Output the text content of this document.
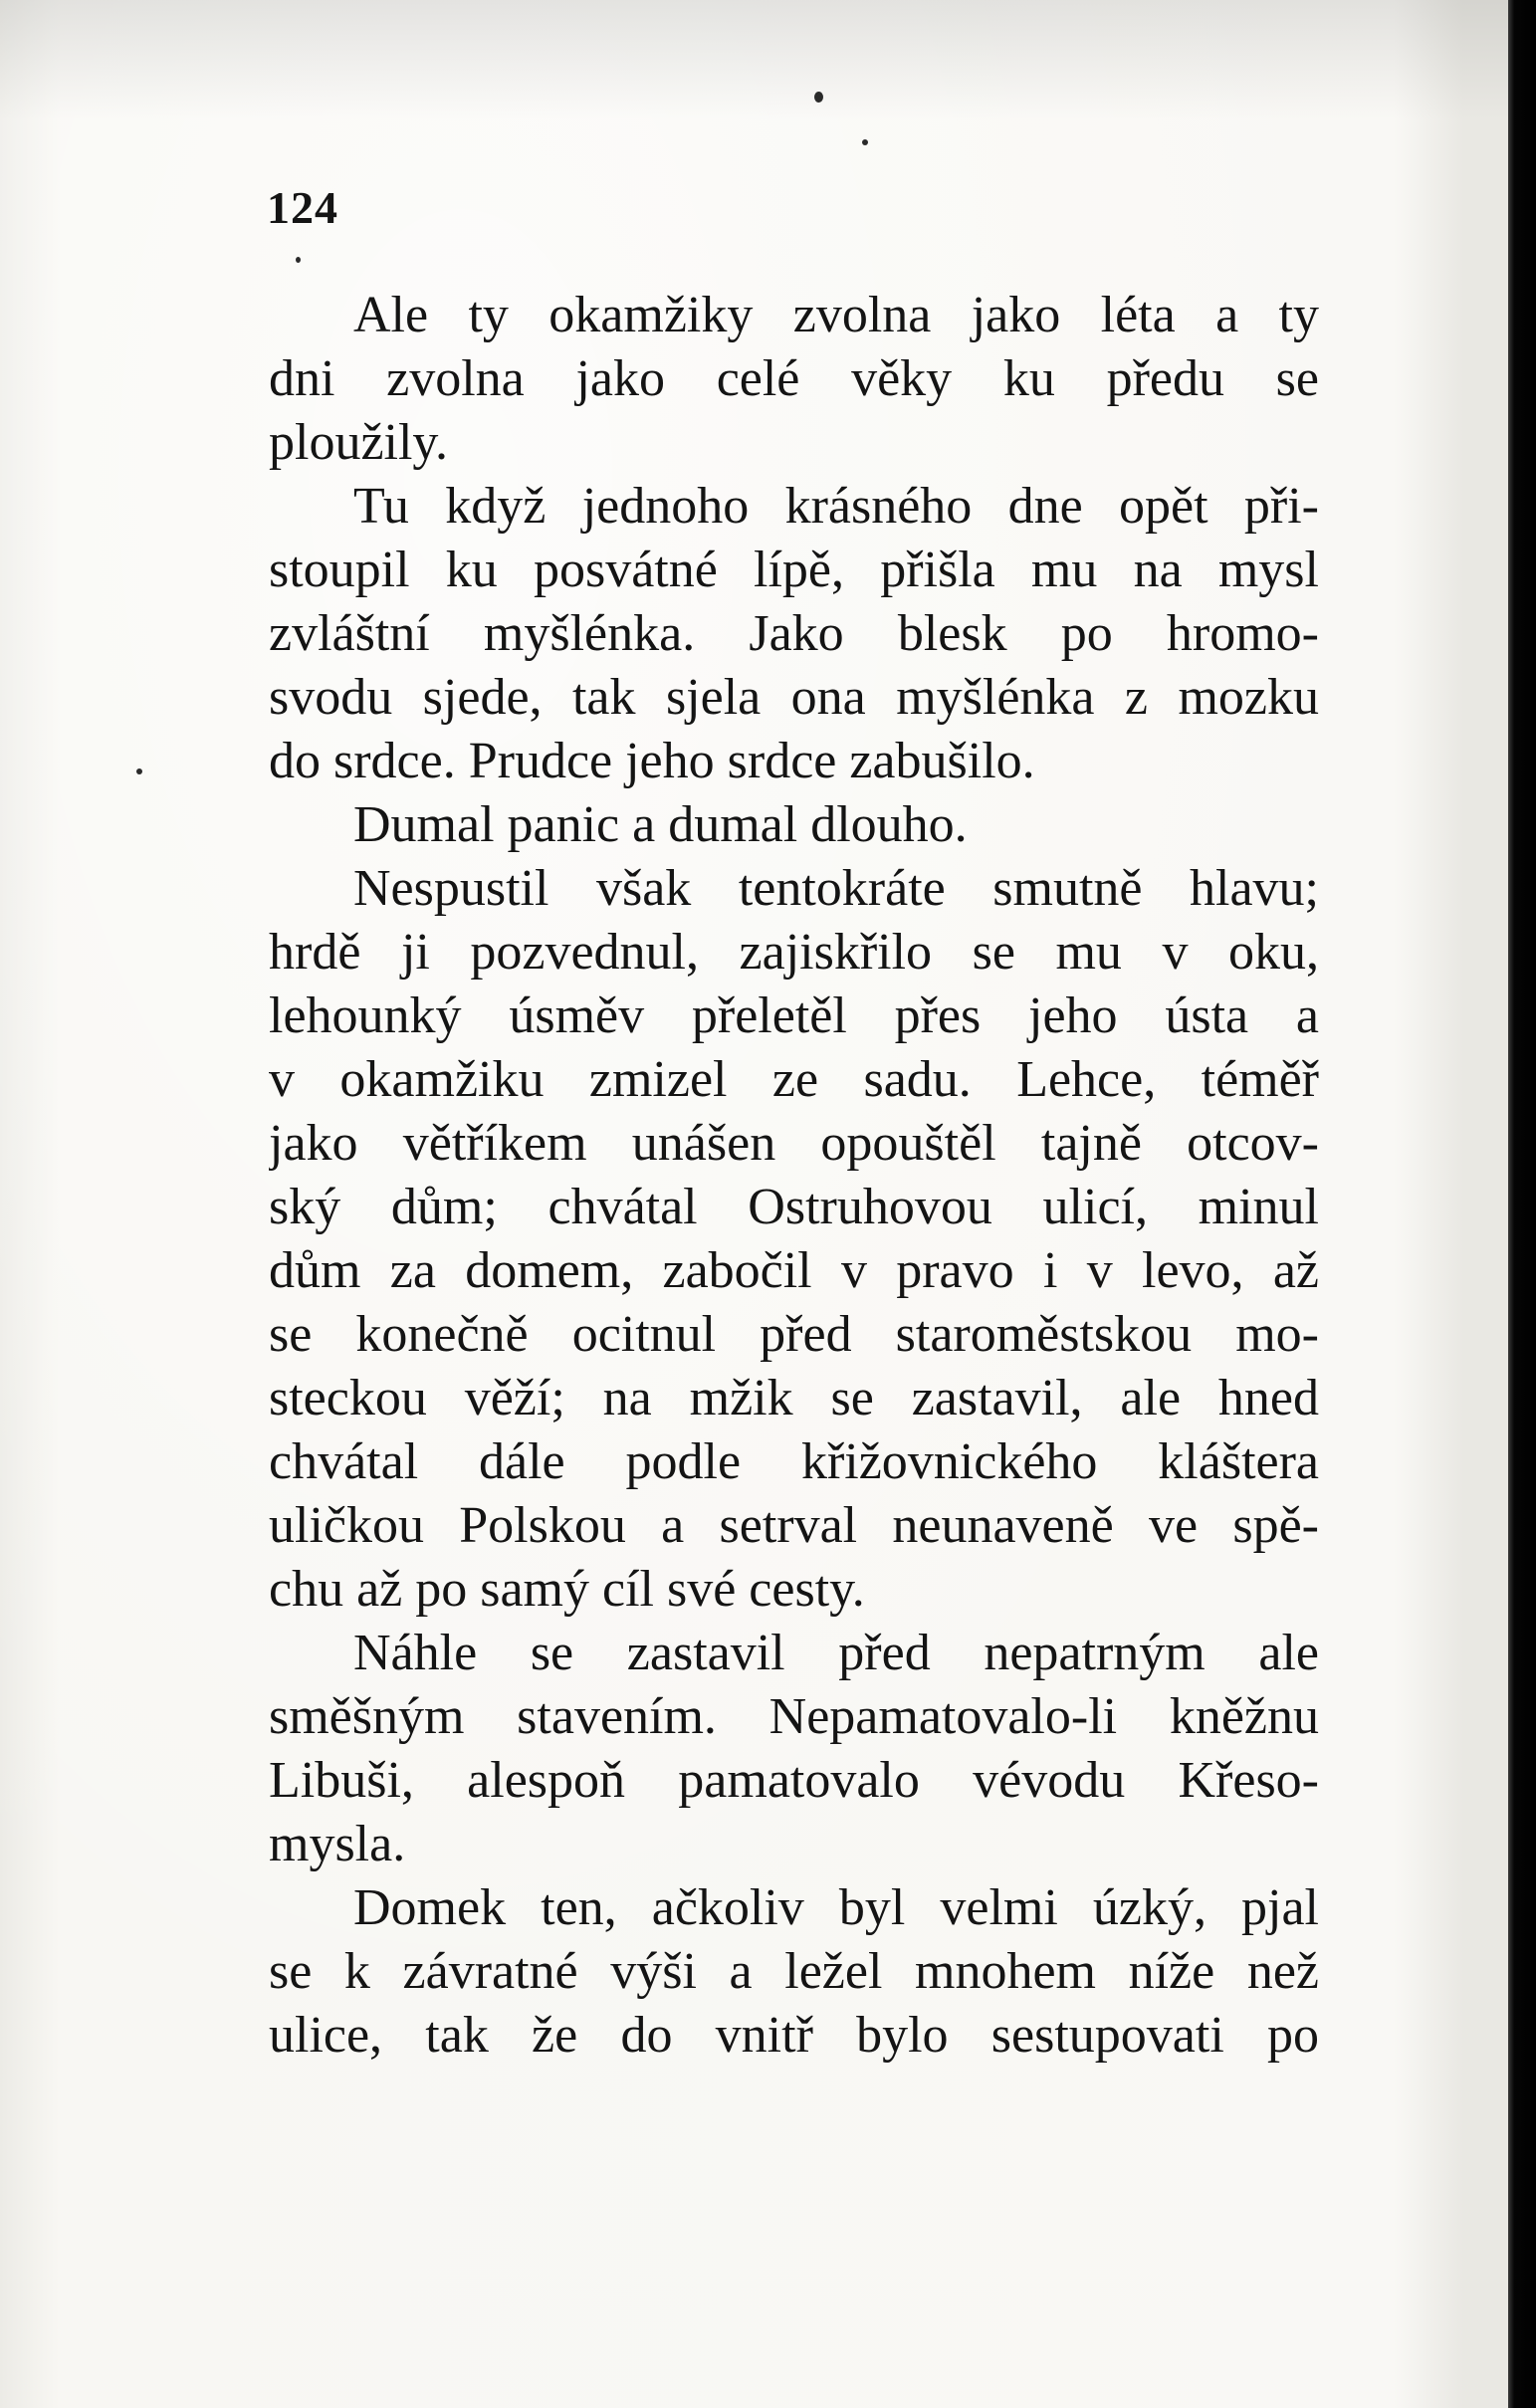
124
Ale ty okamžiky zvolna jako léta a ty
dni zvolna jako celé věky ku předu se
ploužily.
Tu když jednoho krásného dne opět při-
stoupil ku posvátné lípě, přišla mu na mysl
zvláštní myšlénka. Jako blesk po hromo-
svodu sjede, tak sjela ona myšlénka z mozku
do srdce. Prudce jeho srdce zabušilo.
Dumal panic a dumal dlouho.
Nespustil však tentokráte smutně hlavu;
hrdě ji pozvednul, zajiskřilo se mu v oku,
lehounký úsměv přeletěl přes jeho ústa a
v okamžiku zmizel ze sadu. Lehce, téměř
jako větříkem unášen opouštěl tajně otcov-
ský dům; chvátal Ostruhovou ulicí, minul
dům za domem, zabočil v pravo i v levo, až
se konečně ocitnul před staroměstskou mo-
steckou věží; na mžik se zastavil, ale hned
chvátal dále podle křižovnického kláštera
uličkou Polskou a setrval neunaveně ve spě-
chu až po samý cíl své cesty.
Náhle se zastavil před nepatrným ale
směšným stavením. Nepamatovalo-li kněžnu
Libuši, alespoň pamatovalo vévodu Křeso-
mysla.
Domek ten, ačkoliv byl velmi úzký, pjal
se k závratné výši a ležel mnohem níže než
ulice, tak že do vnitř bylo sestupovati po
